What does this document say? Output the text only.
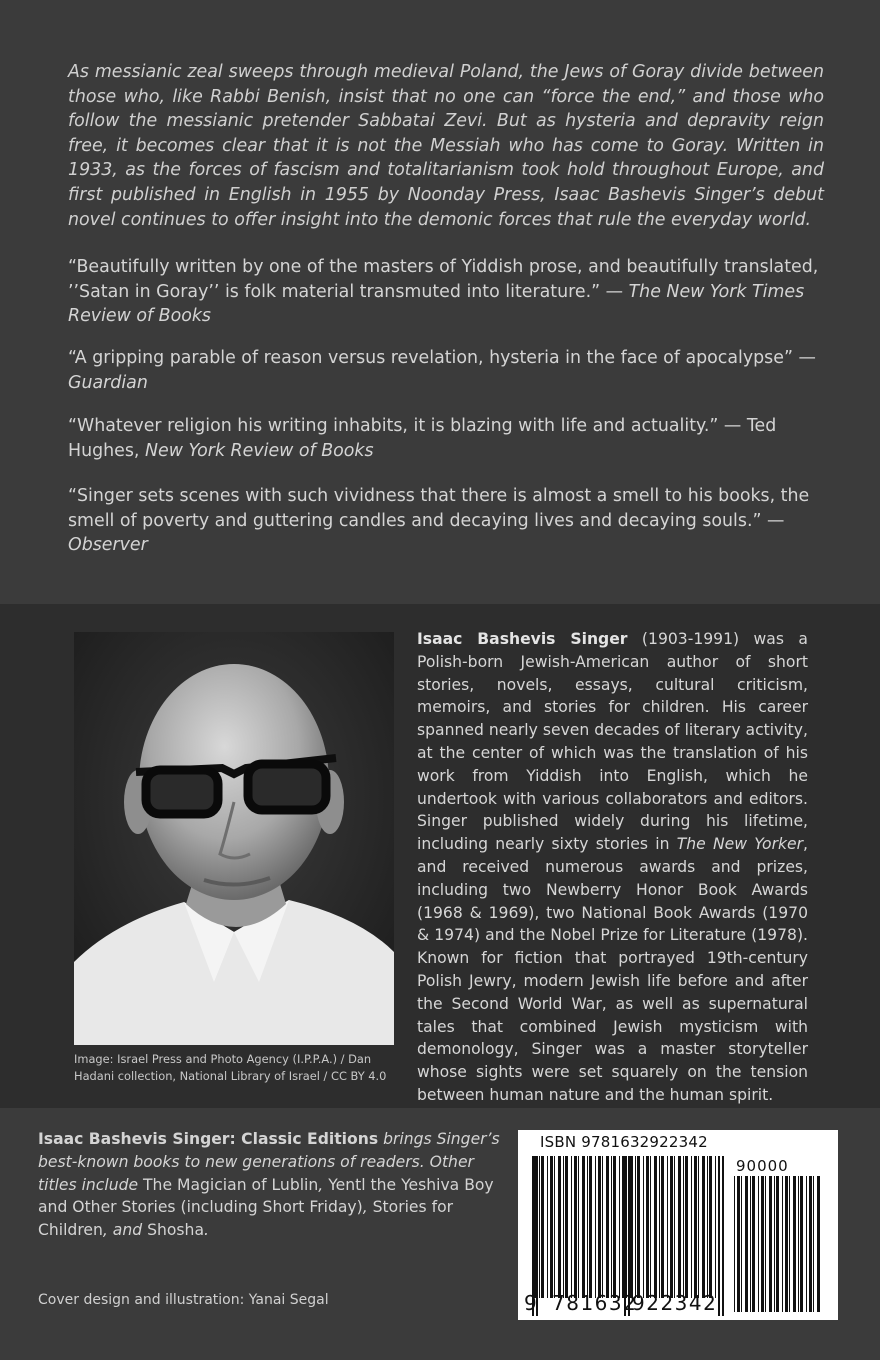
As messianic zeal sweeps through medieval Poland, the Jews of Goray divide between those who, like Rabbi Benish, insist that no one can “force the end,” and those who follow the messianic pretender Sabbatai Zevi. But as hysteria and depravity reign free, it becomes clear that it is not the Messiah who has come to Goray. Written in 1933, as the forces of fascism and totalitarianism took hold throughout Europe, and first published in English in 1955 by Noonday Press, Isaac Bashevis Singer’s debut novel continues to offer insight into the demonic forces that rule the everyday world.

“Beautifully written by one of the masters of Yiddish prose, and beautifully translated, ’’Satan in Goray’’ is folk material transmuted into literature.” — The New York Times Review of Books

“A gripping parable of reason versus revelation, hysteria in the face of apocalypse” — Guardian

“Whatever religion his writing inhabits, it is blazing with life and actuality.” — Ted Hughes, New York Review of Books

“Singer sets scenes with such vividness that there is almost a smell to his books, the smell of poverty and guttering candles and decaying lives and decaying souls.” — Observer

Image: Israel Press and Photo Agency (I.P.P.A.) / Dan Hadani collection, National Library of Israel / CC BY 4.0

Isaac Bashevis Singer (1903-1991) was a Polish-born Jewish-American author of short stories, novels, essays, cultural criticism, memoirs, and stories for children. His career spanned nearly seven decades of literary activity, at the center of which was the translation of his work from Yiddish into English, which he undertook with various collaborators and editors. Singer published widely during his lifetime, including nearly sixty stories in The New Yorker, and received numerous awards and prizes, including two Newberry Honor Book Awards (1968 & 1969), two National Book Awards (1970 & 1974) and the Nobel Prize for Literature (1978). Known for fiction that portrayed 19th-century Polish Jewry, modern Jewish life before and after the Second World War, as well as supernatural tales that combined Jewish mysticism with demonology, Singer was a master storyteller whose sights were set squarely on the tension between human nature and the human spirit.

Isaac Bashevis Singer: Classic Editions brings Singer’s best-known books to new generations of readers. Other titles include The Magician of Lublin, Yentl the Yeshiva Boy and Other Stories (including Short Friday), Stories for Children, and Shosha.

Cover design and illustration: Yanai Segal

ISBN 9781632922342
90000
9 781632
922342
